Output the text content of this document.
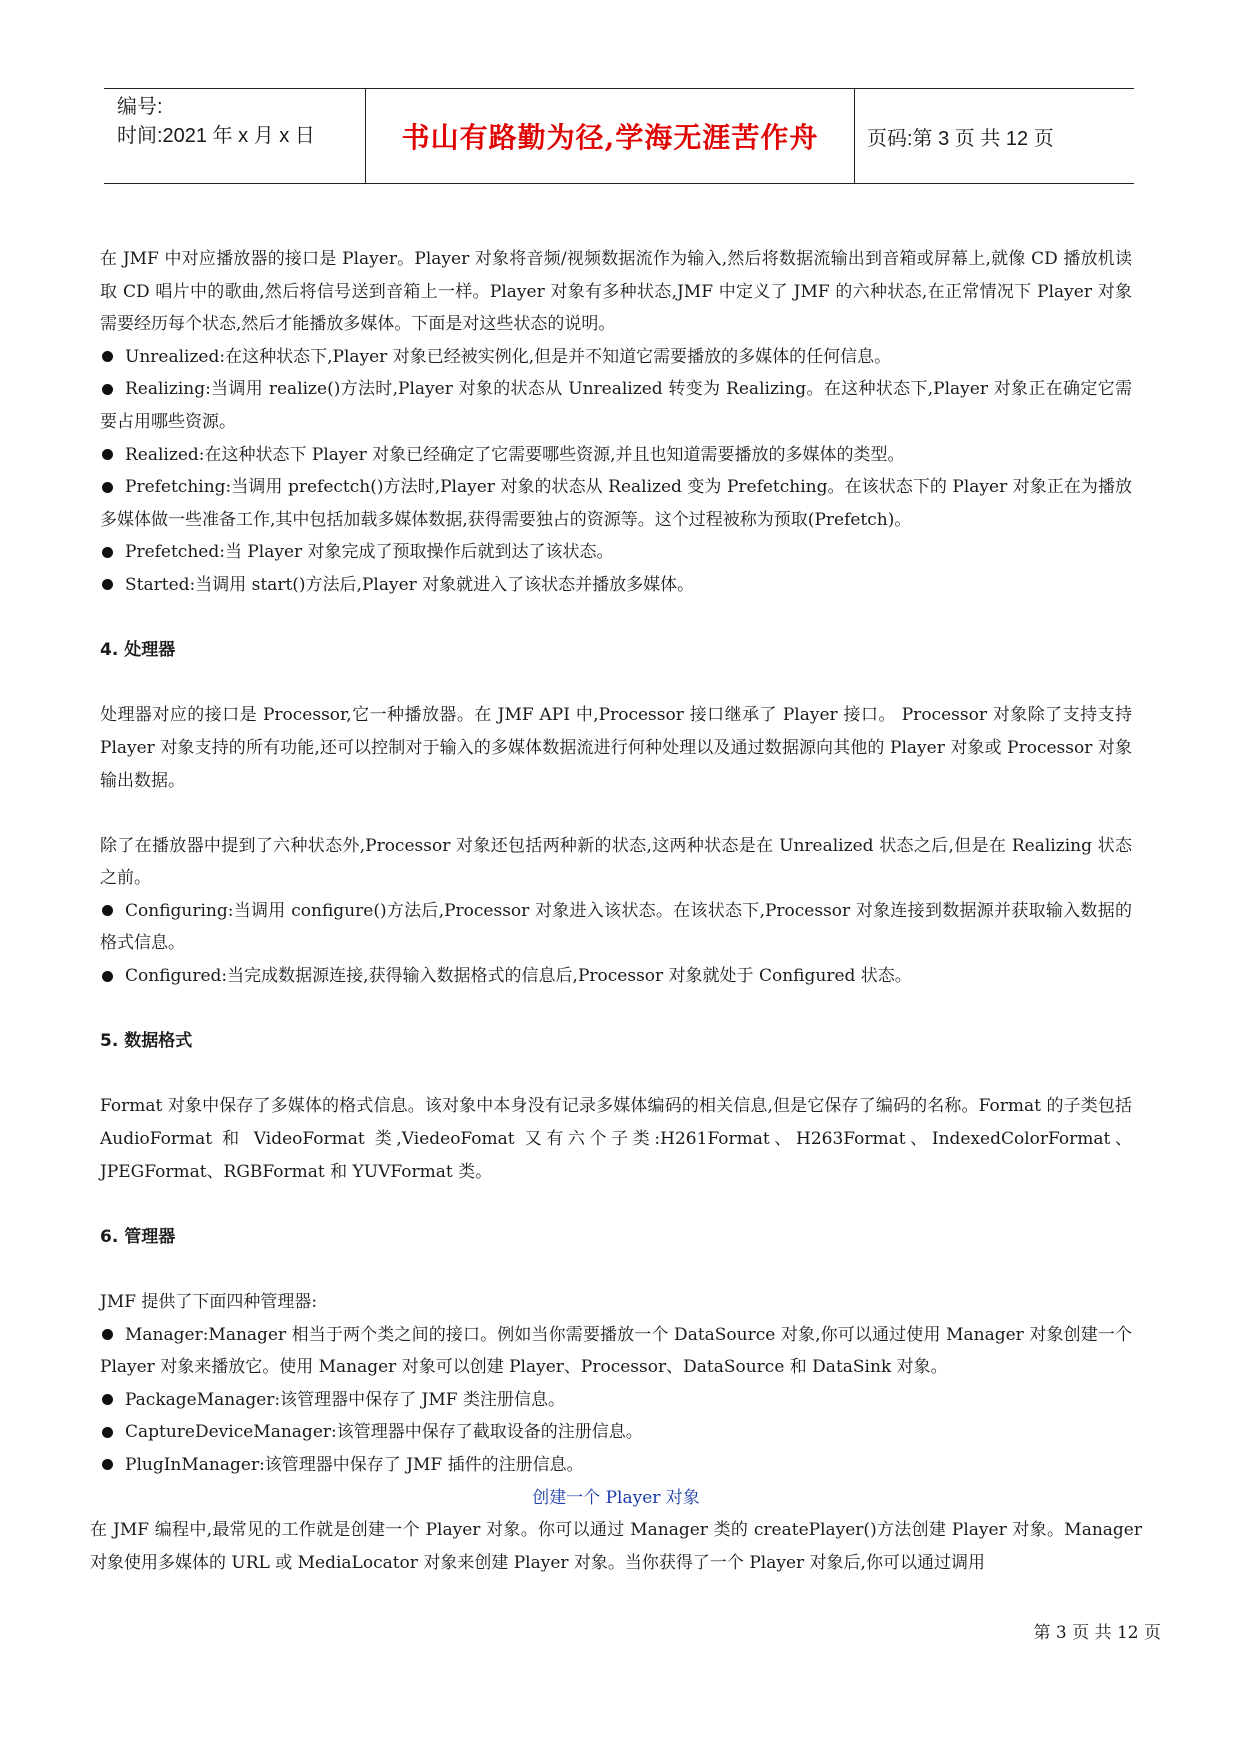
编号:
时间:2021 年 x 月 x 日	书山有路勤为径,学海无涯苦作舟	页码:第 3 页 共 12 页

在 JMF 中对应播放器的接口是 Player。Player 对象将音频/视频数据流作为输入,然后将数据流输出到音箱或屏幕上,就像 CD 播放机读取 CD 唱片中的歌曲,然后将信号送到音箱上一样。Player 对象有多种状态,JMF 中定义了 JMF 的六种状态,在正常情况下 Player 对象需要经历每个状态,然后才能播放多媒体。下面是对这些状态的说明。

Unrealized:在这种状态下,Player 对象已经被实例化,但是并不知道它需要播放的多媒体的任何信息。

Realizing:当调用 realize()方法时,Player 对象的状态从 Unrealized 转变为 Realizing。在这种状态下,Player 对象正在确定它需要占用哪些资源。

Realized:在这种状态下 Player 对象已经确定了它需要哪些资源,并且也知道需要播放的多媒体的类型。

Prefetching:当调用 prefectch()方法时,Player 对象的状态从 Realized 变为 Prefetching。在该状态下的 Player 对象正在为播放多媒体做一些准备工作,其中包括加载多媒体数据,获得需要独占的资源等。这个过程被称为预取(Prefetch)。

Prefetched:当 Player 对象完成了预取操作后就到达了该状态。

Started:当调用 start()方法后,Player 对象就进入了该状态并播放多媒体。

4. 处理器

处理器对应的接口是 Processor,它一种播放器。在 JMF API 中,Processor 接口继承了 Player 接口。 Processor 对象除了支持支持 Player 对象支持的所有功能,还可以控制对于输入的多媒体数据流进行何种处理以及通过数据源向其他的 Player 对象或 Processor 对象输出数据。

除了在播放器中提到了六种状态外,Processor 对象还包括两种新的状态,这两种状态是在 Unrealized 状态之后,但是在 Realizing 状态之前。

Configuring:当调用 configure()方法后,Processor 对象进入该状态。在该状态下,Processor 对象连接到数据源并获取输入数据的格式信息。

Configured:当完成数据源连接,获得输入数据格式的信息后,Processor 对象就处于 Configured 状态。

5. 数据格式

Format 对象中保存了多媒体的格式信息。该对象中本身没有记录多媒体编码的相关信息,但是它保存了编码的名称。Format 的子类包括 AudioFormat 和 VideoFormat 类,ViedeoFomat 又有六个子类:H261Format、H263Format、IndexedColorFormat、JPEGFormat、RGBFormat 和 YUVFormat 类。

6. 管理器

JMF 提供了下面四种管理器:

Manager:Manager 相当于两个类之间的接口。例如当你需要播放一个 DataSource 对象,你可以通过使用 Manager 对象创建一个 Player 对象来播放它。使用 Manager 对象可以创建 Player、Processor、DataSource 和 DataSink 对象。

PackageManager:该管理器中保存了 JMF 类注册信息。

CaptureDeviceManager:该管理器中保存了截取设备的注册信息。

PlugInManager:该管理器中保存了 JMF 插件的注册信息。

创建一个 Player 对象

在 JMF 编程中,最常见的工作就是创建一个 Player 对象。你可以通过 Manager 类的 createPlayer()方法创建 Player 对象。Manager 对象使用多媒体的 URL 或 MediaLocator 对象来创建 Player 对象。当你获得了一个 Player 对象后,你可以通过调用

第 3 页 共 12 页
